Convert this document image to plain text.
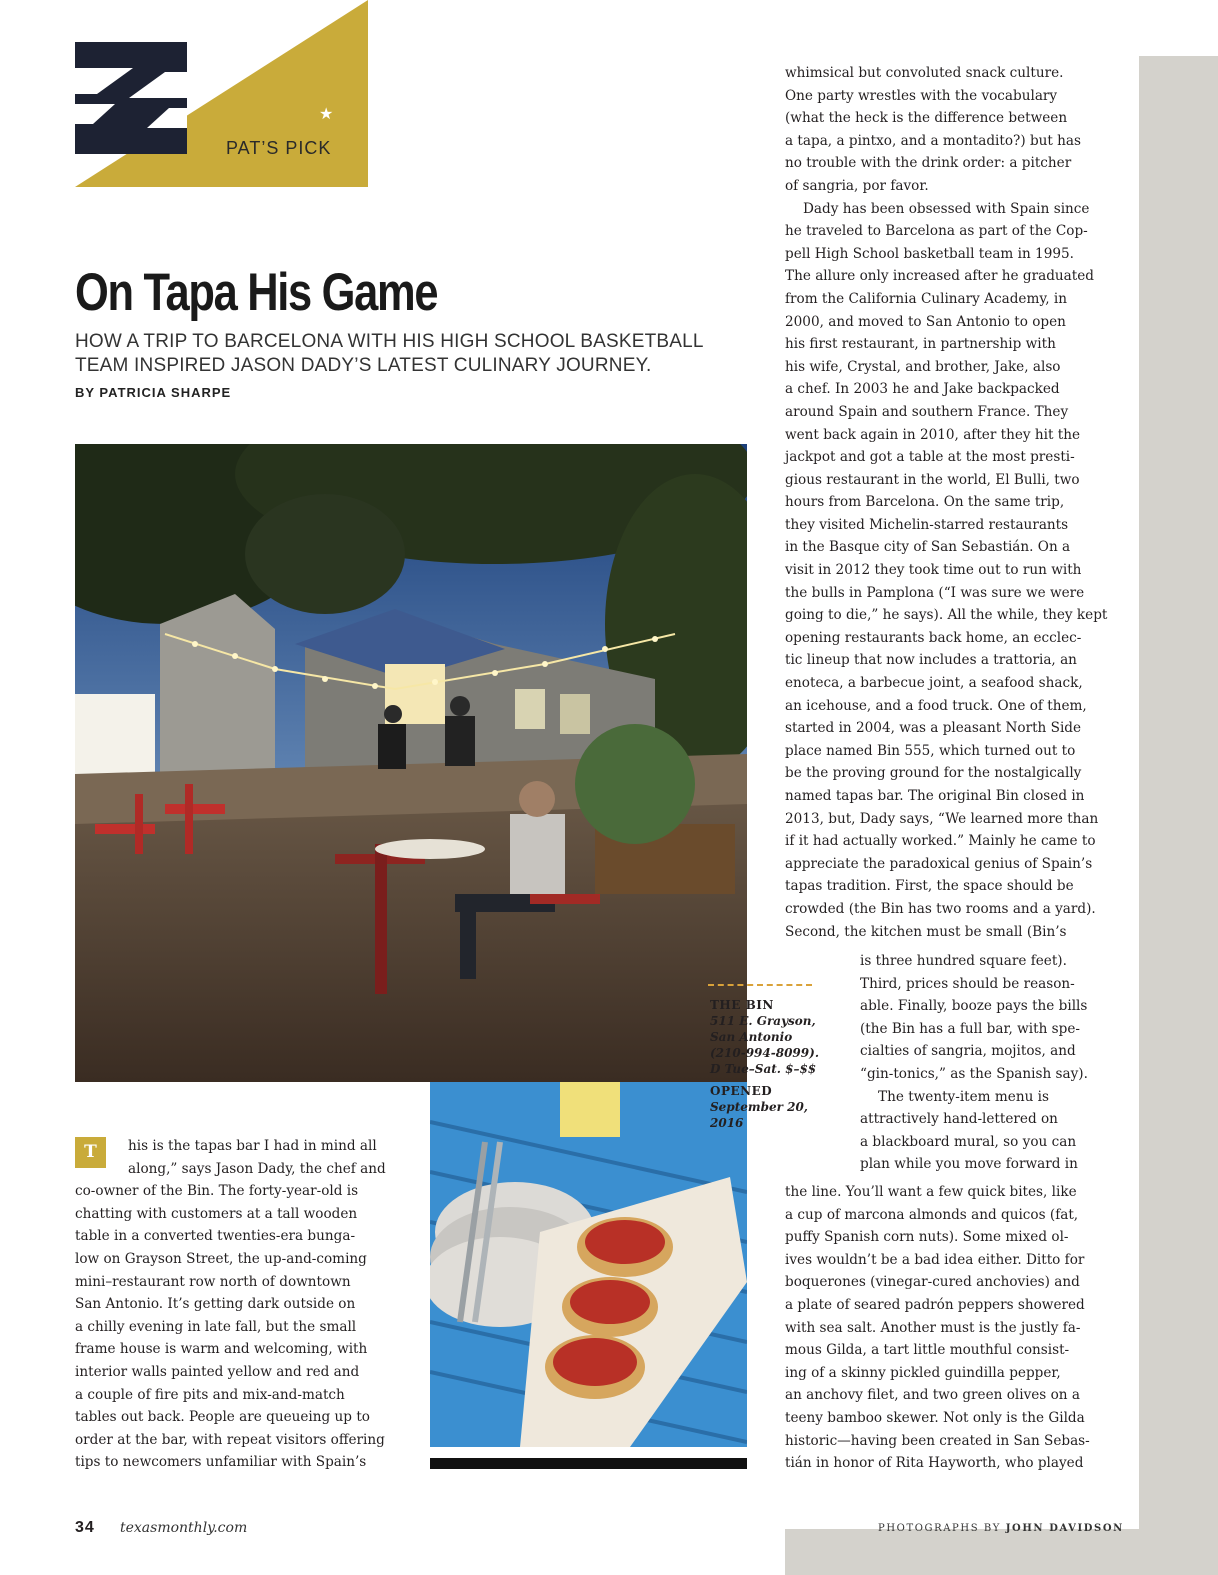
★
PAT’S PICK
On Tapa His Game
HOW A TRIP TO BARCELONA WITH HIS HIGH SCHOOL BASKETBALL
TEAM INSPIRED JASON DADY’S LATEST CULINARY JOURNEY.
BY PATRICIA SHARPE
THE BIN
511 E. Grayson,
San Antonio
(210-994-8099).
D Tue–Sat. $–$$
OPENED
September 20,
2016
T	his is the tapas bar I had in mind all
along,” says Jason Dady, the chef and
co-owner of the Bin. The forty-year-old is
chatting with customers at a tall wooden
table in a converted twenties-era bunga-
low on Grayson Street, the up-and-coming
mini–restaurant row north of downtown
San Antonio. It’s getting dark outside on
a chilly evening in late fall, but the small
frame house is warm and welcoming, with
interior walls painted yellow and red and
a couple of fire pits and mix-and-match
tables out back. People are queueing up to
order at the bar, with repeat visitors offering
tips to newcomers unfamiliar with Spain’s
whimsical but convoluted snack culture.
One party wrestles with the vocabulary
(what the heck is the difference between
a tapa, a pintxo, and a montadito?) but has
no trouble with the drink order: a pitcher
of sangria, por favor.
Dady has been obsessed with Spain since
he traveled to Barcelona as part of the Cop-
pell High School basketball team in 1995.
The allure only increased after he graduated
from the California Culinary Academy, in
2000, and moved to San Antonio to open
his first restaurant, in partnership with
his wife, Crystal, and brother, Jake, also
a chef. In 2003 he and Jake backpacked
around Spain and southern France. They
went back again in 2010, after they hit the
jackpot and got a table at the most presti-
gious restaurant in the world, El Bulli, two
hours from Barcelona. On the same trip,
they visited Michelin-starred restaurants
in the Basque city of San Sebastián. On a
visit in 2012 they took time out to run with
the bulls in Pamplona (“I was sure we were
going to die,” he says). All the while, they kept
opening restaurants back home, an ecclec-
tic lineup that now includes a trattoria, an
enoteca, a barbecue joint, a seafood shack,
an icehouse, and a food truck. One of them,
started in 2004, was a pleasant North Side
place named Bin 555, which turned out to
be the proving ground for the nostalgically
named tapas bar. The original Bin closed in
2013, but, Dady says, “We learned more than
if it had actually worked.” Mainly he came to
appreciate the paradoxical genius of Spain’s
tapas tradition. First, the space should be
crowded (the Bin has two rooms and a yard).
Second, the kitchen must be small (Bin’s
is three hundred square feet).
Third, prices should be reason-
able. Finally, booze pays the bills
(the Bin has a full bar, with spe-
cialties of sangria, mojitos, and
“gin-tonics,” as the Spanish say).
The twenty-item menu is
attractively hand-lettered on
a blackboard mural, so you can
plan while you move forward in
the line. You’ll want a few quick bites, like
a cup of marcona almonds and quicos (fat,
puffy Spanish corn nuts). Some mixed ol-
ives wouldn’t be a bad idea either. Ditto for
boquerones (vinegar-cured anchovies) and
a plate of seared padrón peppers showered
with sea salt. Another must is the justly fa-
mous Gilda, a tart little mouthful consist-
ing of a skinny pickled guindilla pepper,
an anchovy filet, and two green olives on a
teeny bamboo skewer. Not only is the Gilda
historic—having been created in San Sebas-
tián in honor of Rita Hayworth, who played
34 texasmonthly.com	PHOTOGRAPHS BY JOHN DAVIDSON
